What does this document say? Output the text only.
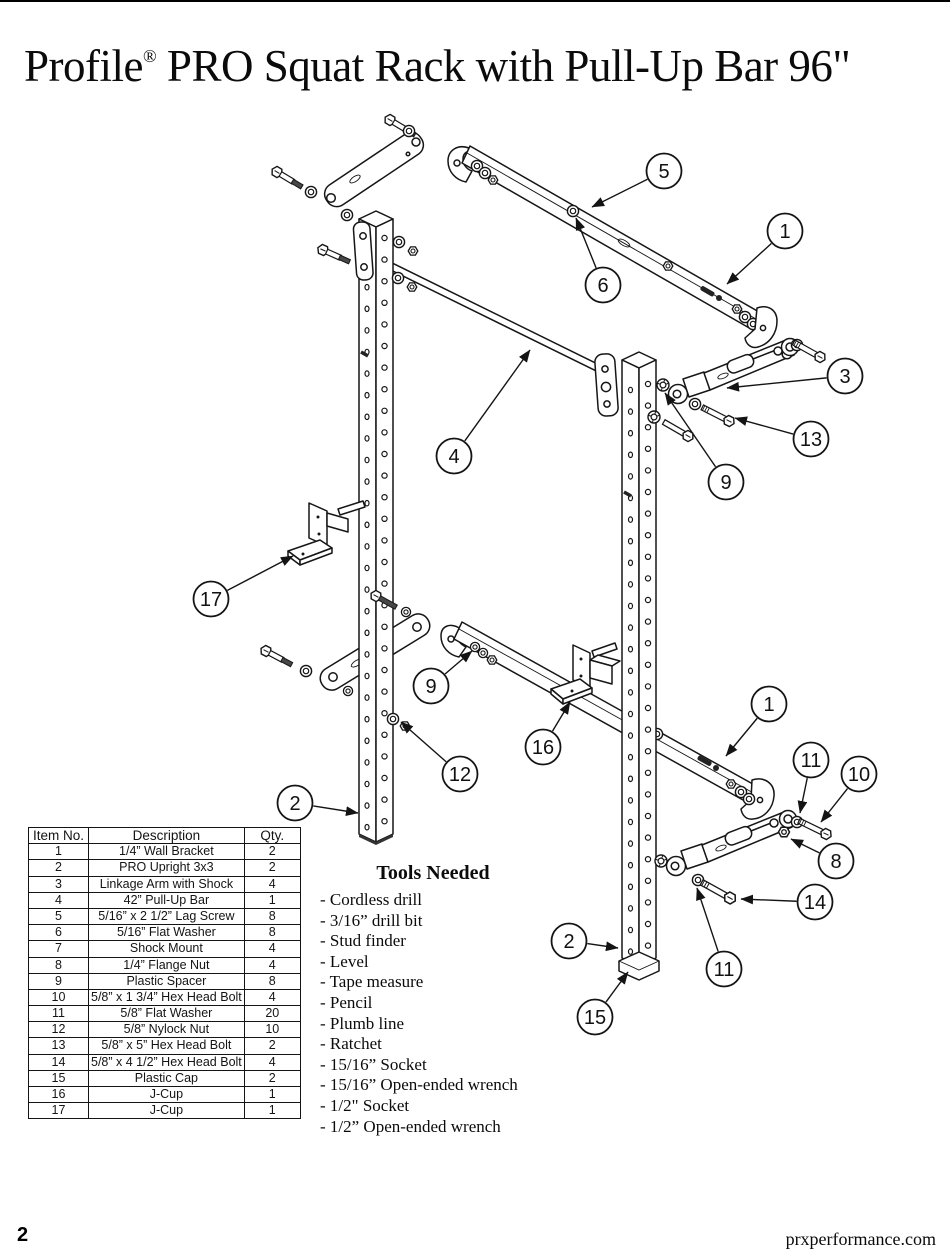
Profile® PRO Squat Rack with Pull-Up Bar 96"
5
1
6
3
13
9
4
17
9
16
12
2
1
11
10
8
14
2
11
15
Item No.	Description	Qty.
1	1/4” Wall Bracket	2
2	PRO Upright 3x3	2
3	Linkage Arm with Shock	4
4	42” Pull-Up Bar	1
5	5/16” x 2 1/2” Lag Screw	8
6	5/16” Flat Washer	8
7	Shock Mount	4
8	1/4” Flange Nut	4
9	Plastic Spacer	8
10	5/8” x 1 3/4” Hex Head Bolt	4
11	5/8” Flat Washer	20
12	5/8” Nylock Nut	10
13	5/8” x 5” Hex Head Bolt	2
14	5/8” x 4 1/2” Hex Head Bolt	4
15	Plastic Cap	2
16	J-Cup	1
17	J-Cup	1
Tools Needed
- Cordless drill
- 3/16” drill bit
- Stud finder
- Level
- Tape measure
- Pencil
- Plumb line
- Ratchet
- 15/16” Socket
- 15/16” Open-ended wrench
- 1/2" Socket
- 1/2” Open-ended wrench
2	prxperformance.com
